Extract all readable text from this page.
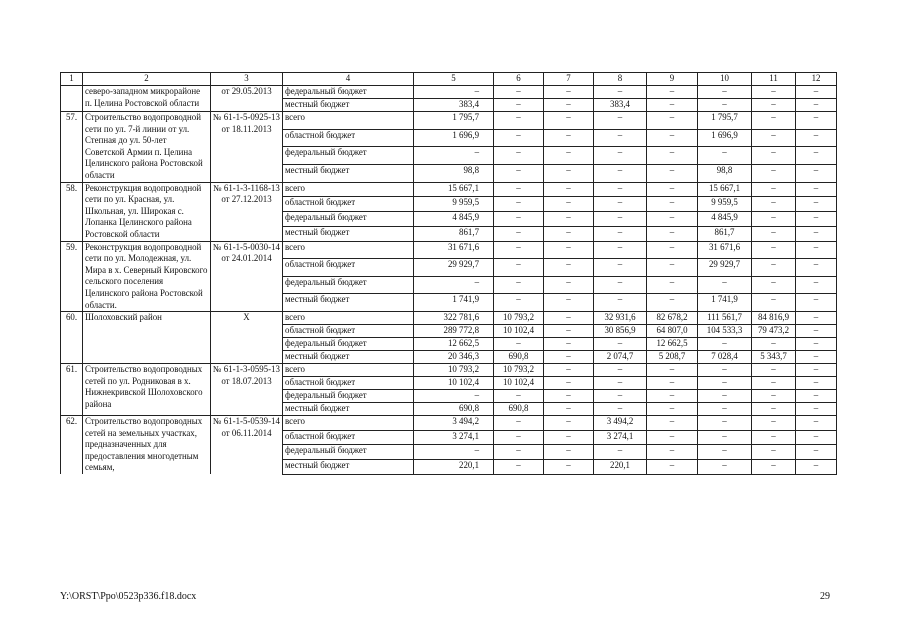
1	2	3	4	5	6	7	8	9	10	11	12
	северо-западном микрорайоне п. Целина Ростовской области	от 29.05.2013	федеральный бюджет	–	–	–	–	–	–	–	–
			местный бюджет	383,4	–	–	383,4	–	–	–	–
57.	Строительство водопроводной сети по ул. 7-й линии от ул. Степная до ул. 50-лет Советской Армии п. Целина Целинского района Ростовской области	№ 61-1-5-0925-13 от 18.11.2013	всего	1 795,7	–	–	–	–	1 795,7	–	–
			областной бюджет	1 696,9	–	–	–	–	1 696,9	–	–
			федеральный бюджет	–	–	–	–	–	–	–	–
			местный бюджет	98,8	–	–	–	–	98,8	–	–
58.	Реконструкция водопроводной сети по ул. Красная, ул. Школьная, ул. Широкая с. Лопанка Целинского района Ростовской области	№ 61-1-3-1168-13 от 27.12.2013	всего	15 667,1	–	–	–	–	15 667,1	–	–
			областной бюджет	9 959,5	–	–	–	–	9 959,5	–	–
			федеральный бюджет	4 845,9	–	–	–	–	4 845,9	–	–
			местный бюджет	861,7	–	–	–	–	861,7	–	–
59.	Реконструкция водопроводной сети по ул. Молодежная, ул. Мира в х. Северный Кировского сельского поселения Целинского района Ростовской области.	№ 61-1-5-0030-14 от 24.01.2014	всего	31 671,6	–	–	–	–	31 671,6	–	–
			областной бюджет	29 929,7	–	–	–	–	29 929,7	–	–
			федеральный бюджет	–	–	–	–	–	–	–	–
			местный бюджет	1 741,9	–	–	–	–	1 741,9	–	–
60.	Шолоховский район	Х	всего	322 781,6	10 793,2	–	32 931,6	82 678,2	111 561,7	84 816,9	–
			областной бюджет	289 772,8	10 102,4	–	30 856,9	64 807,0	104 533,3	79 473,2	–
			федеральный бюджет	12 662,5	–	–	–	12 662,5	–	–	–
			местный бюджет	20 346,3	690,8	–	2 074,7	5 208,7	7 028,4	5 343,7	–
61.	Строительство водопроводных сетей по ул. Родниковая в х. Нижнекривской Шолоховского района	№ 61-1-3-0595-13 от 18.07.2013	всего	10 793,2	10 793,2	–	–	–	–	–	–
			областной бюджет	10 102,4	10 102,4	–	–	–	–	–	–
			федеральный бюджет	–	–	–	–	–	–	–	–
			местный бюджет	690,8	690,8	–	–	–	–	–	–
62.	Строительство водопроводных сетей на земельных участках, предназначенных для предоставления многодетным семьям,	№ 61-1-5-0539-14 от 06.11.2014	всего	3 494,2	–	–	3 494,2	–	–	–	–
			областной бюджет	3 274,1	–	–	3 274,1	–	–	–	–
			федеральный бюджет	–	–	–	–	–	–	–	–
			местный бюджет	220,1	–	–	220,1	–	–	–	–
Y:\ORST\Ppo\0523p336.f18.docx	29
